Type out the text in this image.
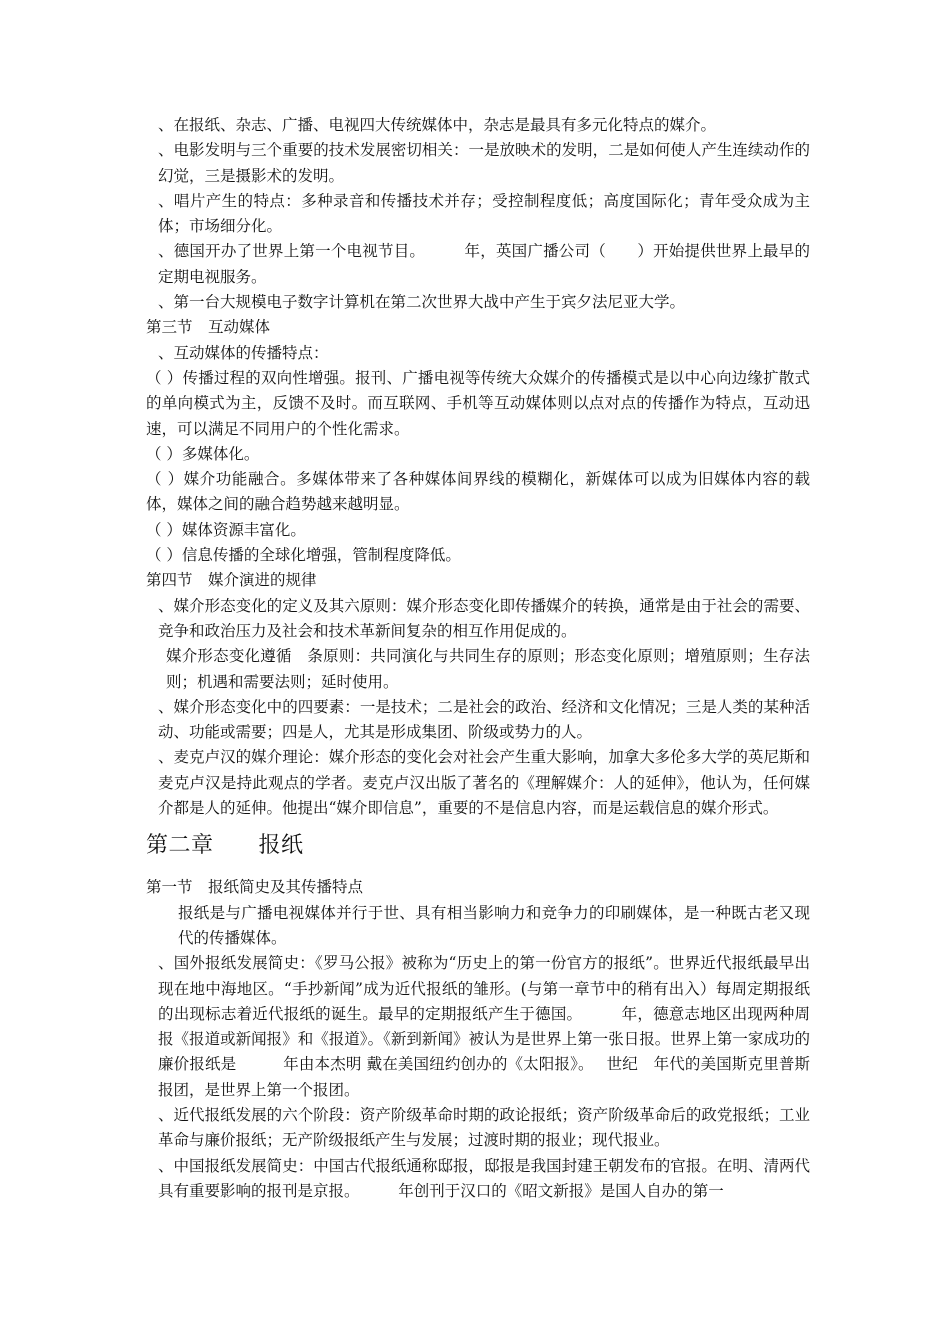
、在报纸、杂志、广播、电视四大传统媒体中，杂志是最具有多元化特点的媒介。

、电影发明与三个重要的技术发展密切相关：一是放映术的发明，二是如何使人产生连续动作的幻觉，三是摄影术的发明。

、唱片产生的特点：多种录音和传播技术并存；受控制程度低；高度国际化；青年受众成为主体；市场细分化。

、德国开办了世界上第一个电视节目。　　　年，英国广播公司（　　）开始提供世界上最早的定期电视服务。

、第一台大规模电子数字计算机在第二次世界大战中产生于宾夕法尼亚大学。

第三节　互动媒体

、互动媒体的传播特点：

（ ）传播过程的双向性增强。报刊、广播电视等传统大众媒介的传播模式是以中心向边缘扩散式的单向模式为主，反馈不及时。而互联网、手机等互动媒体则以点对点的传播作为特点，互动迅速，可以满足不同用户的个性化需求。

（ ）多媒体化。

（ ）媒介功能融合。多媒体带来了各种媒体间界线的模糊化，新媒体可以成为旧媒体内容的载体，媒体之间的融合趋势越来越明显。

（ ）媒体资源丰富化。

（ ）信息传播的全球化增强，管制程度降低。

第四节　媒介演进的规律

、媒介形态变化的定义及其六原则：媒介形态变化即传播媒介的转换，通常是由于社会的需要、竞争和政治压力及社会和技术革新间复杂的相互作用促成的。

媒介形态变化遵循　条原则：共同演化与共同生存的原则；形态变化原则；增殖原则；生存法则；机遇和需要法则；延时使用。

、媒介形态变化中的四要素：一是技术；二是社会的政治、经济和文化情况；三是人类的某种活动、功能或需要；四是人，尤其是形成集团、阶级或势力的人。

、麦克卢汉的媒介理论：媒介形态的变化会对社会产生重大影响，加拿大多伦多大学的英尼斯和麦克卢汉是持此观点的学者。麦克卢汉出版了著名的《理解媒介：人的延伸》，他认为，任何媒介都是人的延伸。他提出“媒介即信息”，重要的不是信息内容，而是运载信息的媒介形式。

第二章　　报纸

第一节　报纸简史及其传播特点

报纸是与广播电视媒体并行于世、具有相当影响力和竞争力的印刷媒体，是一种既古老又现代的传播媒体。

、国外报纸发展简史：《罗马公报》被称为“历史上的第一份官方的报纸”。世界近代报纸最早出现在地中海地区。“手抄新闻”成为近代报纸的雏形。(与第一章节中的稍有出入）每周定期报纸的出现标志着近代报纸的诞生。最早的定期报纸产生于德国。　　　年，德意志地区出现两种周报《报道或新闻报》和《报道》。《新到新闻》被认为是世界上第一张日报。世界上第一家成功的廉价报纸是　　　年由本杰明 戴在美国纽约创办的《太阳报》。　 世纪　年代的美国斯克里普斯报团，是世界上第一个报团。

、近代报纸发展的六个阶段：资产阶级革命时期的政论报纸；资产阶级革命后的政党报纸；工业革命与廉价报纸；无产阶级报纸产生与发展；过渡时期的报业；现代报业。

、中国报纸发展简史：中国古代报纸通称邸报，邸报是我国封建王朝发布的官报。在明、清两代具有重要影响的报刊是京报。　　　年创刊于汉口的《昭文新报》是国人自办的第一
